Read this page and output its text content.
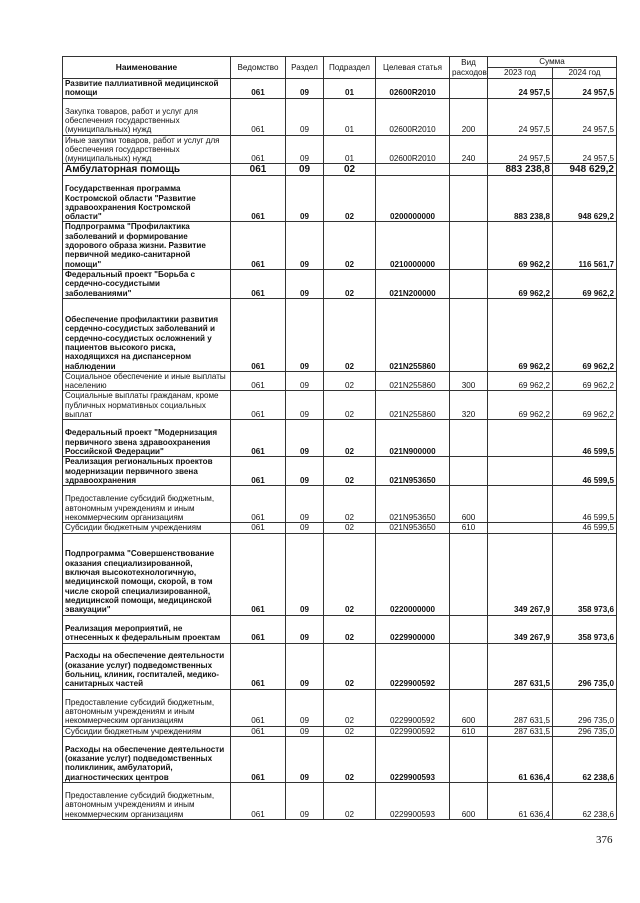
Наименование	Ведомство	Раздел	Подраздел	Целевая статья	Вид расходов	Сумма	
						2023 год	2024 год
Развитие паллиативной медицинской помощи	061	09	01	02600R2010		24 957,5	24 957,5
Закупка товаров, работ и услуг для обеспечения государственных (муниципальных) нужд	061	09	01	02600R2010	200	24 957,5	24 957,5
Иные закупки товаров, работ и услуг для обеспечения государственных (муниципальных) нужд	061	09	01	02600R2010	240	24 957,5	24 957,5
Амбулаторная помощь	061	09	02			883 238,8	948 629,2
Государственная программа Костромской области "Развитие здравоохранения Костромской области"	061	09	02	0200000000		883 238,8	948 629,2
Подпрограмма "Профилактика заболеваний и формирование здорового образа жизни. Развитие первичной медико-санитарной помощи"	061	09	02	0210000000		69 962,2	116 561,7
Федеральный проект "Борьба с сердечно-сосудистыми заболеваниями"	061	09	02	021N200000		69 962,2	69 962,2
Обеспечение профилактики развития сердечно-сосудистых заболеваний и сердечно-сосудистых осложнений у пациентов высокого риска, находящихся на диспансерном наблюдении	061	09	02	021N255860		69 962,2	69 962,2
Социальное обеспечение и иные выплаты населению	061	09	02	021N255860	300	69 962,2	69 962,2
Социальные выплаты гражданам, кроме публичных нормативных социальных выплат	061	09	02	021N255860	320	69 962,2	69 962,2
Федеральный проект "Модернизация первичного звена здравоохранения Российской Федерации"	061	09	02	021N900000			46 599,5
Реализация региональных проектов модернизации первичного звена здравоохранения	061	09	02	021N953650			46 599,5
Предоставление субсидий бюджетным, автономным учреждениям и иным некоммерческим организациям	061	09	02	021N953650	600		46 599,5
Субсидии бюджетным учреждениям	061	09	02	021N953650	610		46 599,5
Подпрограмма "Совершенствование оказания специализированной, включая высокотехнологичную, медицинской помощи, скорой, в том числе скорой специализированной, медицинской помощи, медицинской эвакуации"	061	09	02	0220000000		349 267,9	358 973,6
Реализация мероприятий, не отнесенных к федеральным проектам	061	09	02	0229900000		349 267,9	358 973,6
Расходы на обеспечение деятельности (оказание услуг) подведомственных больниц, клиник, госпиталей, медико-санитарных частей	061	09	02	0229900592		287 631,5	296 735,0
Предоставление субсидий бюджетным, автономным учреждениям и иным некоммерческим организациям	061	09	02	0229900592	600	287 631,5	296 735,0
Субсидии бюджетным учреждениям	061	09	02	0229900592	610	287 631,5	296 735,0
Расходы на обеспечение деятельности (оказание услуг) подведомственных поликлиник, амбулаторий, диагностических центров	061	09	02	0229900593		61 636,4	62 238,6
Предоставление субсидий бюджетным, автономным учреждениям и иным некоммерческим организациям	061	09	02	0229900593	600	61 636,4	62 238,6
376
